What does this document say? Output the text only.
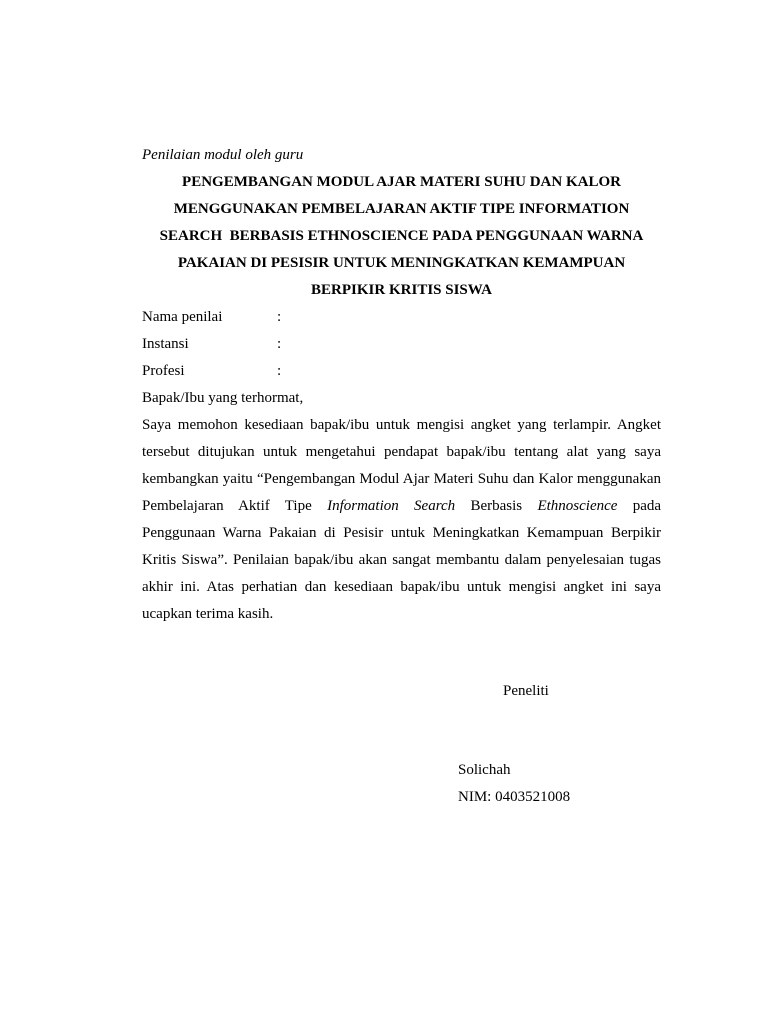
Penilaian modul oleh guru
PENGEMBANGAN MODUL AJAR MATERI SUHU DAN KALOR
MENGGUNAKAN PEMBELAJARAN AKTIF TIPE INFORMATION
SEARCH  BERBASIS ETHNOSCIENCE PADA PENGGUNAAN WARNA
PAKAIAN DI PESISIR UNTUK MENINGKATKAN KEMAMPUAN
BERPIKIR KRITIS SISWA
Nama penilai	:
Instansi	:
Profesi	:
Bapak/Ibu yang terhormat,
Saya memohon kesediaan bapak/ibu untuk mengisi angket yang terlampir. Angket
tersebut ditujukan untuk mengetahui pendapat bapak/ibu tentang alat yang saya
kembangkan yaitu “Pengembangan Modul Ajar Materi Suhu dan Kalor menggunakan
Pembelajaran Aktif Tipe Information Search Berbasis Ethnoscience pada
Penggunaan Warna Pakaian di Pesisir untuk Meningkatkan Kemampuan Berpikir
Kritis Siswa”. Penilaian bapak/ibu akan sangat membantu dalam penyelesaian tugas
akhir ini. Atas perhatian dan kesediaan bapak/ibu untuk mengisi angket ini saya
ucapkan terima kasih.
Peneliti
Solichah
NIM: 0403521008
